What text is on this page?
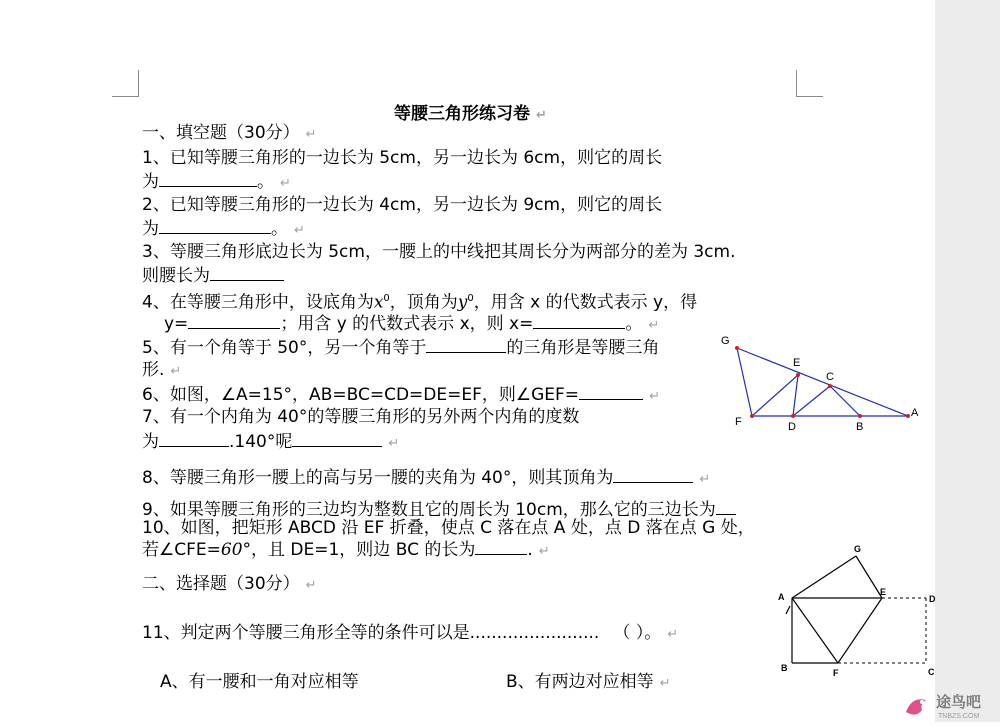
等腰三角形练习卷 ↵
一、填空题（30分） ↵
1、已知等腰三角形的一边长为 5cm，另一边长为 6cm，则它的周长
为	。 ↵
2、已知等腰三角形的一边长为 4cm，另一边长为 9cm，则它的周长
为	。 ↵
3、等腰三角形底边长为 5cm，一腰上的中线把其周长分为两部分的差为 3cm.
则腰长为
4、在等腰三角形中，设底角为$x^0$，顶角为$y^0$，用含 x 的代数式表示 y，得
y=	；用含 y 的代数式表示 x，则 x=	。 ↵
5、有一个角等于 50°，另一个角等于	的三角形是等腰三角
形. ↵
6、如图，∠A=15°，AB=BC=CD=DE=EF，则∠GEF=	↵
7、有一个内角为 40°的等腰三角形的另外两个内角的度数
为	.140°呢	↵
8、等腰三角形一腰上的高与另一腰的夹角为 40°，则其顶角为	↵
9、如果等腰三角形的三边均为整数且它的周长为 10cm，那么它的三边长为
10、如图，把矩形 ABCD 沿 EF 折叠，使点 C 落在点 A 处，点 D 落在点 G 处，
若∠CFE=60°，且 DE=1，则边 BC 的长为	. ↵
二、选择题（30分） ↵
11、判定两个等腰三角形全等的条件可以是........................ （ ）。 ↵
A、有一腰和一角对应相等	B、有两边对应相等 ↵
G
E
C
F	D	B
A
G
A	E
D
B	F	C
途鸟吧
TNBZS.COM
